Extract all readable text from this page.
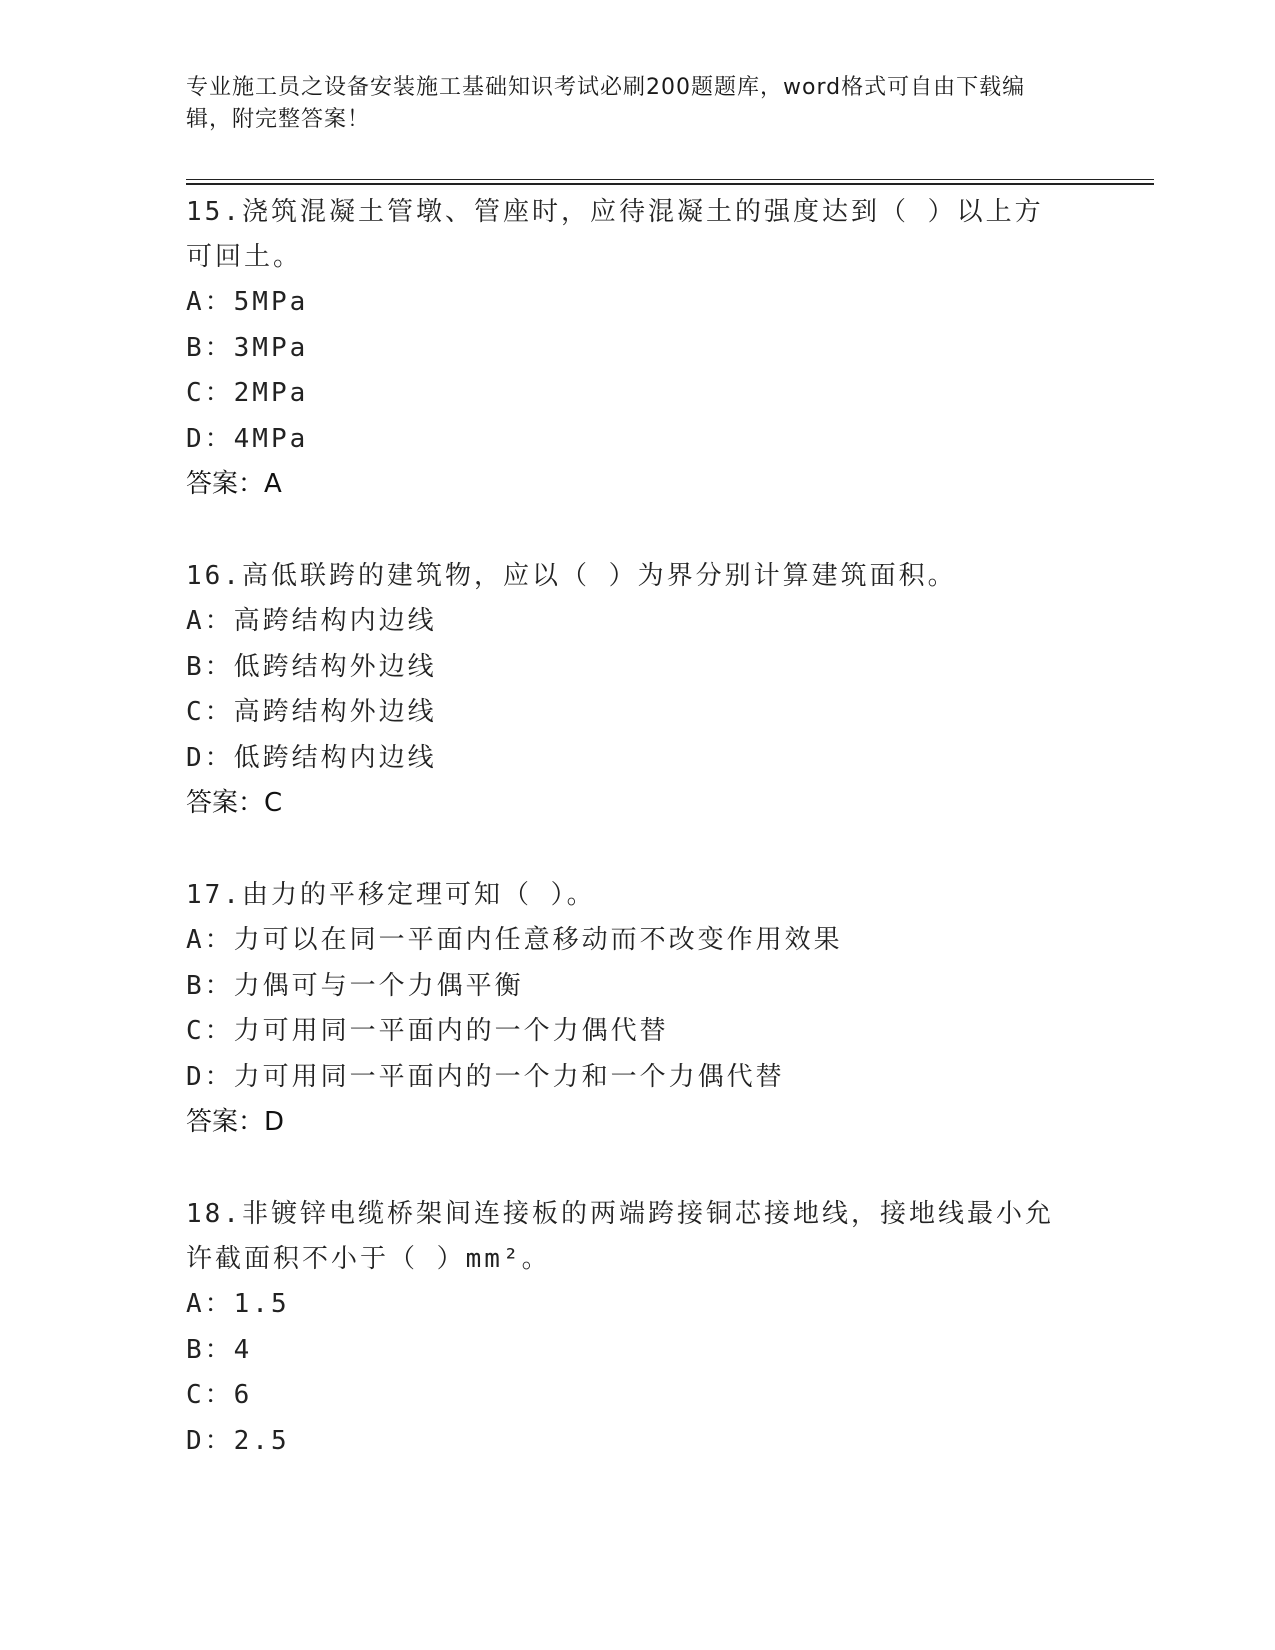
专业施工员之设备安装施工基础知识考试必刷200题题库，word格式可自由下载编辑，附完整答案！
15.浇筑混凝土管墩、管座时，应待混凝土的强度达到（ ）以上方可回土。
A：5MPa
B：3MPa
C：2MPa
D：4MPa
答案：A
16.高低联跨的建筑物，应以（ ）为界分别计算建筑面积。
A：高跨结构内边线
B：低跨结构外边线
C：高跨结构外边线
D：低跨结构内边线
答案：C
17.由力的平移定理可知（ ）。
A：力可以在同一平面内任意移动而不改变作用效果
B：力偶可与一个力偶平衡
C：力可用同一平面内的一个力偶代替
D：力可用同一平面内的一个力和一个力偶代替
答案：D
18.非镀锌电缆桥架间连接板的两端跨接铜芯接地线，接地线最小允许截面积不小于（ ）mm²。
A：1.5
B：4
C：6
D：2.5
